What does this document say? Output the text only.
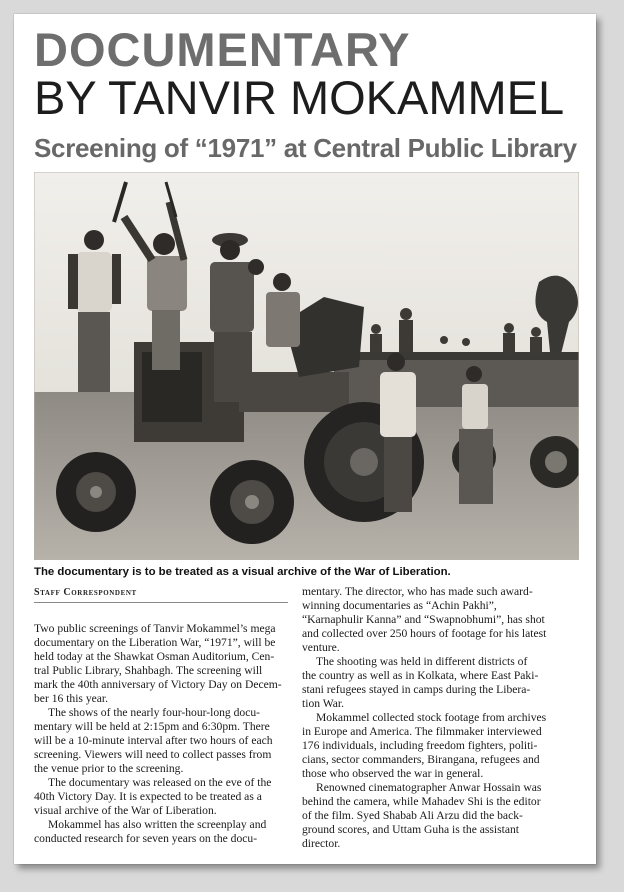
DOCUMENTARY
BY TANVIR MOKAMMEL
Screening of “1971” at Central Public Library

The documentary is to be treated as a visual archive of the War of Liberation.

Staff Correspondent

Two public screenings of Tanvir Mokammel’s mega
documentary on the Liberation War, “1971”, will be
held today at the Shawkat Osman Auditorium, Cen-
tral Public Library, Shahbagh. The screening will
mark the 40th anniversary of Victory Day on Decem-
ber 16 this year.

The shows of the nearly four-hour-long docu-
mentary will be held at 2:15pm and 6:30pm. There
will be a 10-minute interval after two hours of each
screening. Viewers will need to collect passes from
the venue prior to the screening.

The documentary was released on the eve of the
40th Victory Day. It is expected to be treated as a
visual archive of the War of Liberation.

Mokammel has also written the screenplay and
conducted research for seven years on the docu-

mentary. The director, who has made such award-
winning documentaries as “Achin Pakhi”,
“Karnaphulir Kanna” and “Swapnobhumi”, has shot
and collected over 250 hours of footage for his latest
venture.

The shooting was held in different districts of
the country as well as in Kolkata, where East Paki-
stani refugees stayed in camps during the Libera-
tion War.

Mokammel collected stock footage from archives
in Europe and America. The filmmaker interviewed
176 individuals, including freedom fighters, politi-
cians, sector commanders, Birangana, refugees and
those who observed the war in general.

Renowned cinematographer Anwar Hossain was
behind the camera, while Mahadev Shi is the editor
of the film. Syed Shabab Ali Arzu did the back-
ground scores, and Uttam Guha is the assistant
director.
